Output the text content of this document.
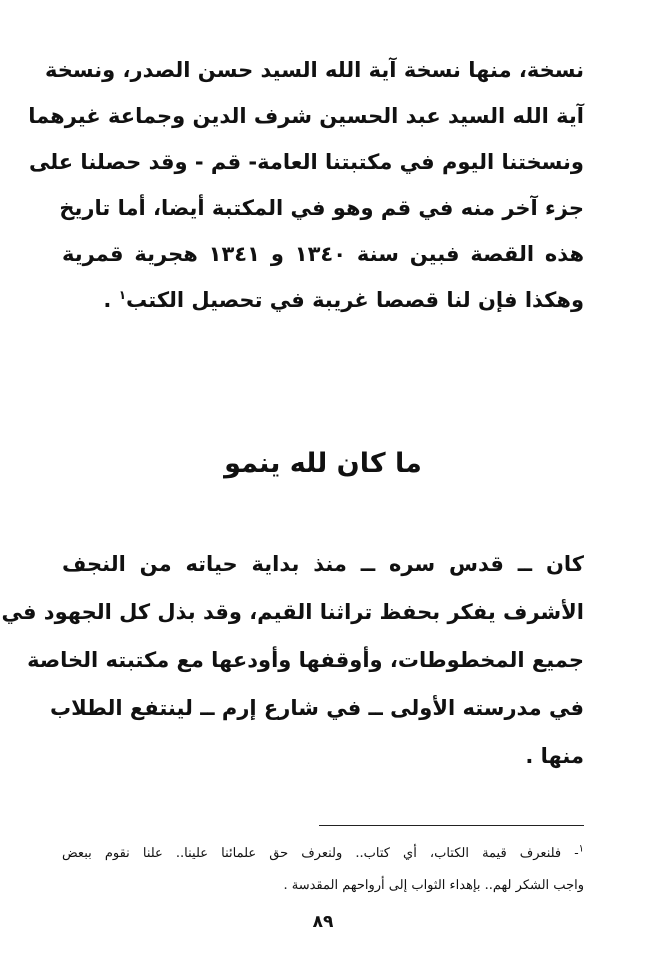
نسخة، منها نسخة آية الله السيد حسن الصدر، ونسخة
آية الله السيد عبد الحسين شرف الدين وجماعة غيرهما
ونسختنا اليوم في مكتبتنا العامة- قم - وقد حصلنا على
جزء آخر منه في قم وهو في المكتبة أيضا، أما تاريخ
هذه القصة فبين سنة ١٣٤٠ و ١٣٤١ هجرية قمرية
وهكذا فإن لنا قصصا غريبة في تحصيل الكتب$^١$ .
ما كان لله ينمو
كان ــ قدس سره ــ منذ بداية حياته من النجف
الأشرف يفكر بحفظ تراثنا القيم، وقد بذل كل الجهود في
جميع المخطوطات، وأوقفها وأودعها مع مكتبته الخاصة
في مدرسته الأولى ــ في شارع إرم ــ لينتفع الطلاب
منها .
$^١$- فلنعرف قيمة الكتاب، أي كتاب.. ولنعرف حق علمائنا علينا.. علنا نقوم ببعض
واجب الشكر لهم.. بإهداء الثواب إلى أرواحهم المقدسة .
٨٩
